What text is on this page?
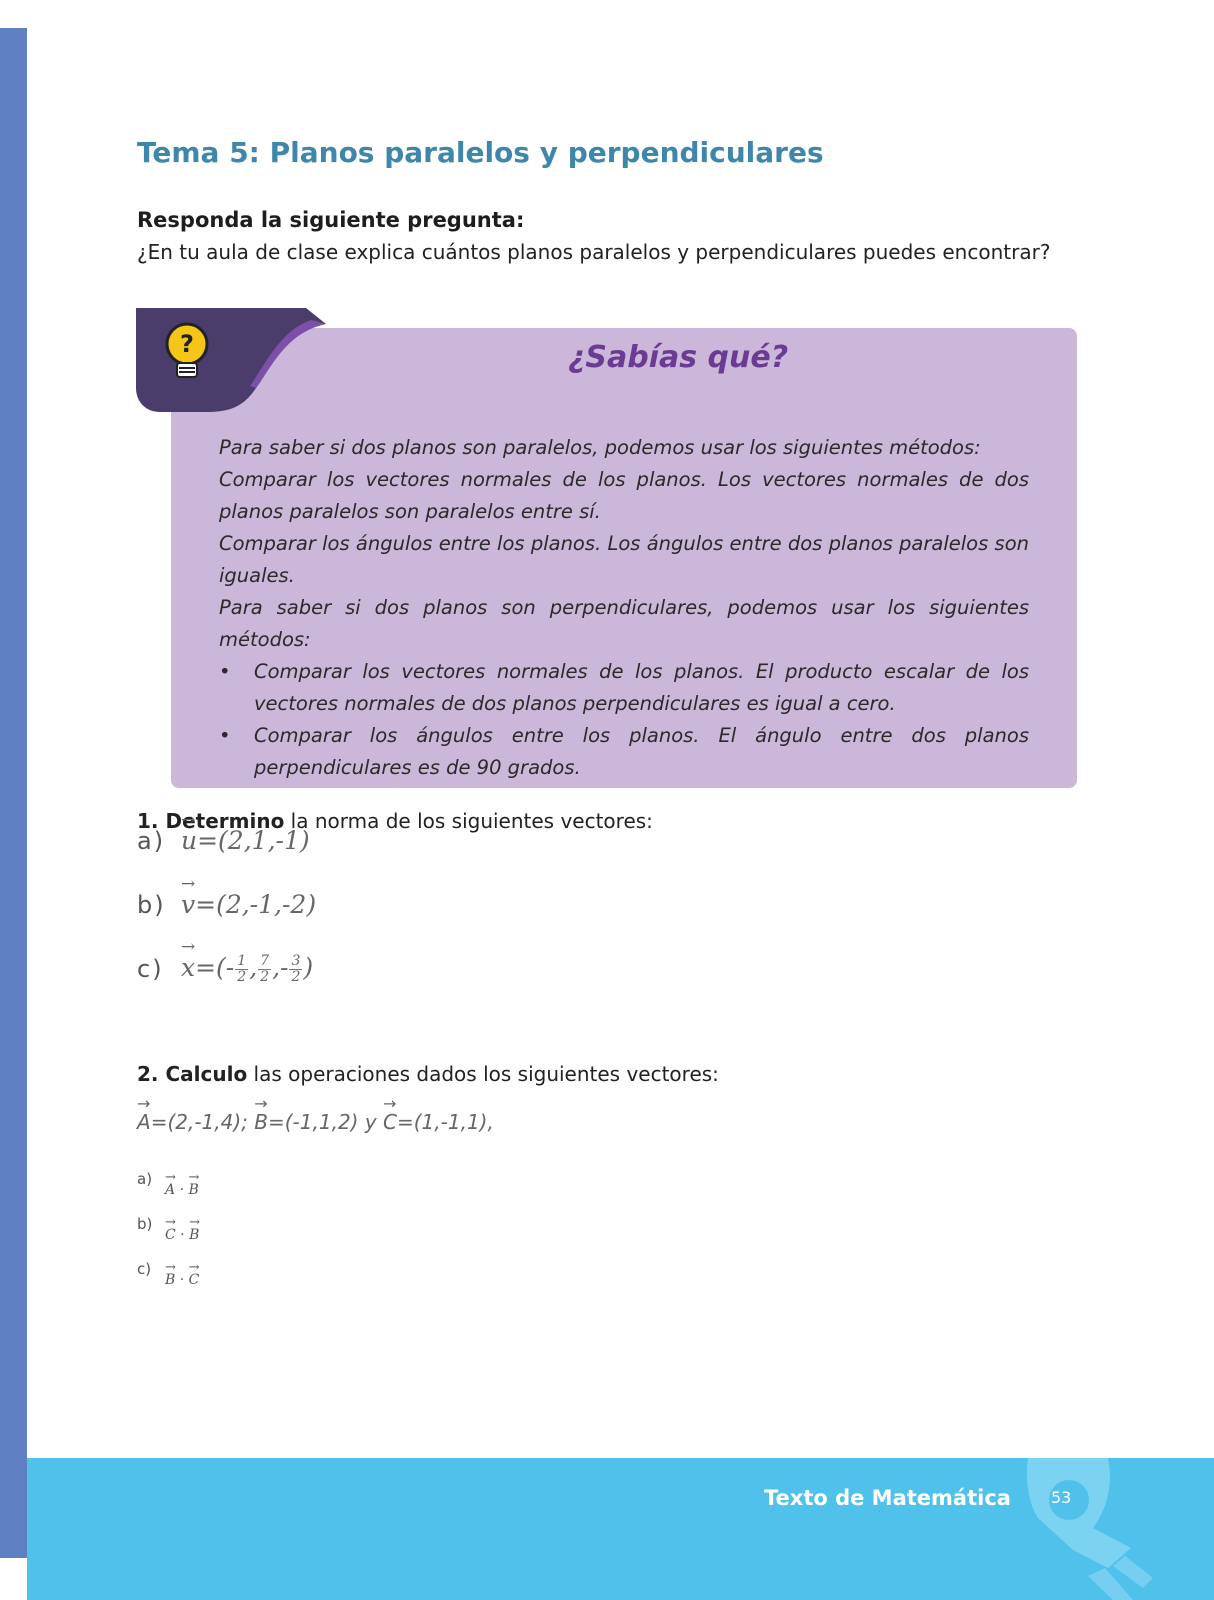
Tema 5: Planos paralelos y perpendiculares
Responda la siguiente pregunta:
¿En tu aula de clase explica cuántos planos paralelos y perpendiculares puedes encontrar?
?	¿Sabías qué?

Para saber si dos planos son paralelos, podemos usar los siguientes métodos:

Comparar los vectores normales de los planos. Los vectores normales de dos planos paralelos son paralelos entre sí.

Comparar los ángulos entre los planos. Los ángulos entre dos planos paralelos son iguales.

Para saber si dos planos son perpendiculares, podemos usar los siguientes métodos:

•	Comparar los vectores normales de los planos. El producto escalar de los vectores normales de dos planos perpendiculares es igual a cero.
•	Comparar los ángulos entre los planos. El ángulo entre dos planos perpendiculares es de 90 grados.
1. Determino la norma de los siguientes vectores:
a)
→ u=(2,1,-1)
b)
→ v=(2,-1,-2)
c)
→ $x=(- \frac{1}{2}$ , $\frac{7}{2}$ ,- $\frac{3}{2}$ )
2. Calculo las operaciones dados los siguientes vectores:
→ A=(2,-1,4); → B=(-1,1,2) y → C=(1,-1,1),
a)
→ A · → B
b)
→ C · → B
c)
→ B · → C
Texto de Matemática	53
